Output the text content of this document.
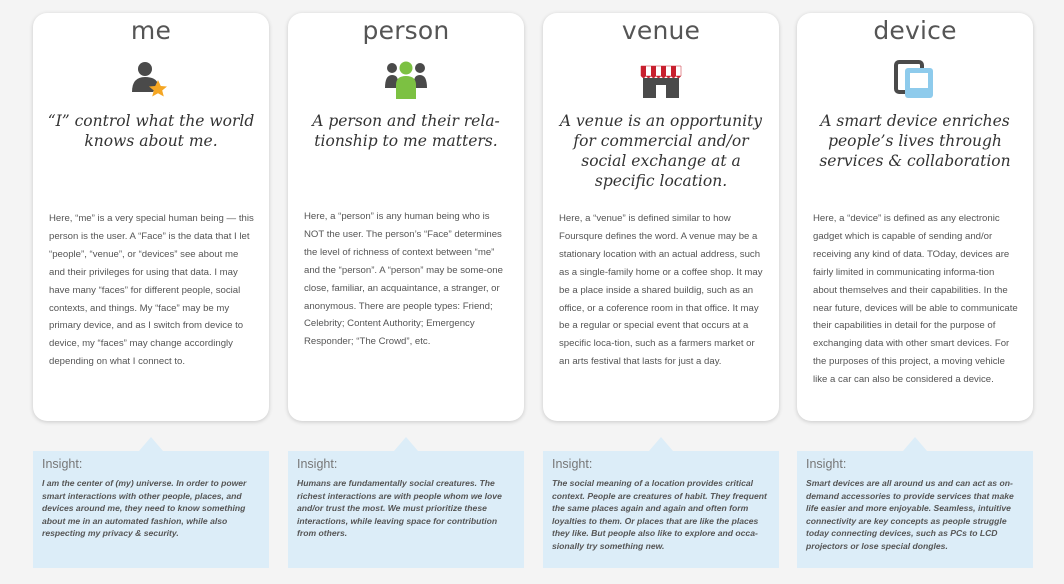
me

“I” control what the world knows about me.

Here, “me” is a very special human being — this person is the user. A “Face” is the data that I let “people”, “venue”, or “devices” see about me and their privileges for using that data. I may have many “faces” for different people, social contexts, and things. My “face” may be my primary device, and as I switch from device to device, my “faces” may change accordingly depending on what I connect to.

Insight:

I am the center of (my) universe. In order to power smart interactions with other people, places, and devices around me, they need to know something about me in an automated fashion, while also respecting my privacy & security.

person

A person and their rela-tionship to me matters.

Here, a “person” is any human being who is NOT the user. The person’s “Face” determines the level of richness of context between “me” and the “person”. A “person” may be some-one close, familiar, an acquaintance, a stranger, or anonymous. There are people types: Friend; Celebrity; Content Authority; Emergency Responder; “The Crowd”, etc.

Insight:

Humans are fundamentally social creatures. The richest interactions are with people whom we love and/or trust the most. We must prioritize these interactions, while leaving space for contribution from others.

venue

A venue is an opportunity for commercial and/or social exchange at a specific location.

Here, a “venue” is defined similar to how Foursqure defines the word. A venue may be a stationary location with an actual address, such as a single-family home or a coffee shop. It may be a place inside a shared buildig, such as an office, or a coference room in that office. It may be a regular or special event that occurs at a specific loca-tion, such as a farmers market or an arts festival that lasts for just a day.

Insight:

The social meaning of a location provides critical context. People are creatures of habit. They frequent the same places again and again and often form loyalties to them. Or places that are like the places they like. But people also like to explore and occa-sionally try something new.

device

A smart device enriches people’s lives through services & collaboration

Here, a “device” is defined as any electronic gadget which is capable of sending and/or receiving any kind of data. TOday, devices are fairly limited in communicating informa-tion about themselves and their capabilities. In the near future, devices will be able to communicate their capabilities in detail for the purpose of exchanging data with other smart devices. For the purposes of this project, a moving vehicle like a car can also be considered a device.

Insight:

Smart devices are all around us and can act as on-demand accessories to provide services that make life easier and more enjoyable. Seamless, intuitive connectivity are key concepts as people struggle today connecting devices, such as PCs to LCD projectors or lose special dongles.
